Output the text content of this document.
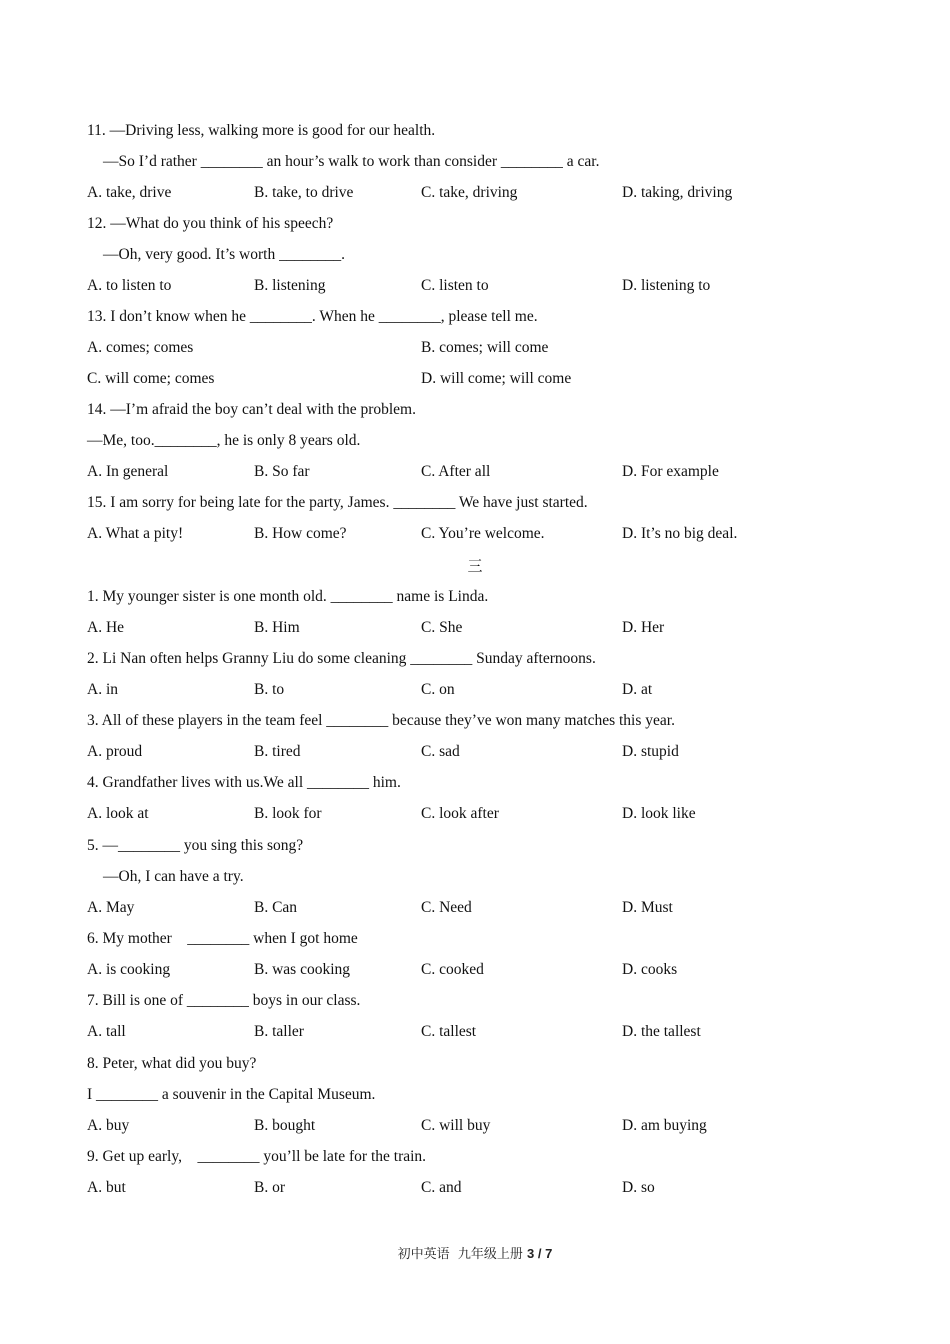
11. —Driving less, walking more is good for our health.
—So I’d rather ________ an hour’s walk to work than consider ________ a car.
A. take, drive	B. take, to drive	C. take, driving	D. taking, driving
12. —What do you think of his speech?
—Oh, very good. It’s worth ________.
A. to listen to	B. listening	C. listen to	D. listening to
13. I don’t know when he ________. When he ________, please tell me.
A. comes; comes	B. comes; will come
C. will come; comes	D. will come; will come
14. —I’m afraid the boy can’t deal with the problem.
—Me, too.________, he is only 8 years old.
A. In general	B. So far	C. After all	D. For example
15. I am sorry for being late for the party, James. ________ We have just started.
A. What a pity!	B. How come?	C. You’re welcome.	D. It’s no big deal.
三
1. My younger sister is one month old. ________ name is Linda.
A. He	B. Him	C. She	D. Her
2. Li Nan often helps Granny Liu do some cleaning ________ Sunday afternoons.
A. in	B. to	C. on	D. at
3. All of these players in the team feel ________ because they’ve won many matches this year.
A. proud	B. tired	C. sad	D. stupid
4. Grandfather lives with us.We all ________ him.
A. look at	B. look for	C. look after	D. look like
5. —________ you sing this song?
—Oh, I can have a try.
A. May	B. Can	C. Need	D. Must
6. My mother    ________ when I got home
A. is cooking	B. was cooking	C. cooked	D. cooks
7. Bill is one of ________ boys in our class.
A. tall	B. taller	C. tallest	D. the tallest
8. Peter, what did you buy?
I ________ a souvenir in the Capital Museum.
A. buy	B. bought	C. will buy	D. am buying
9. Get up early,    ________ you’ll be late for the train.
A. but	B. or	C. and	D. so
初中英语  九年级上册 3 / 7
